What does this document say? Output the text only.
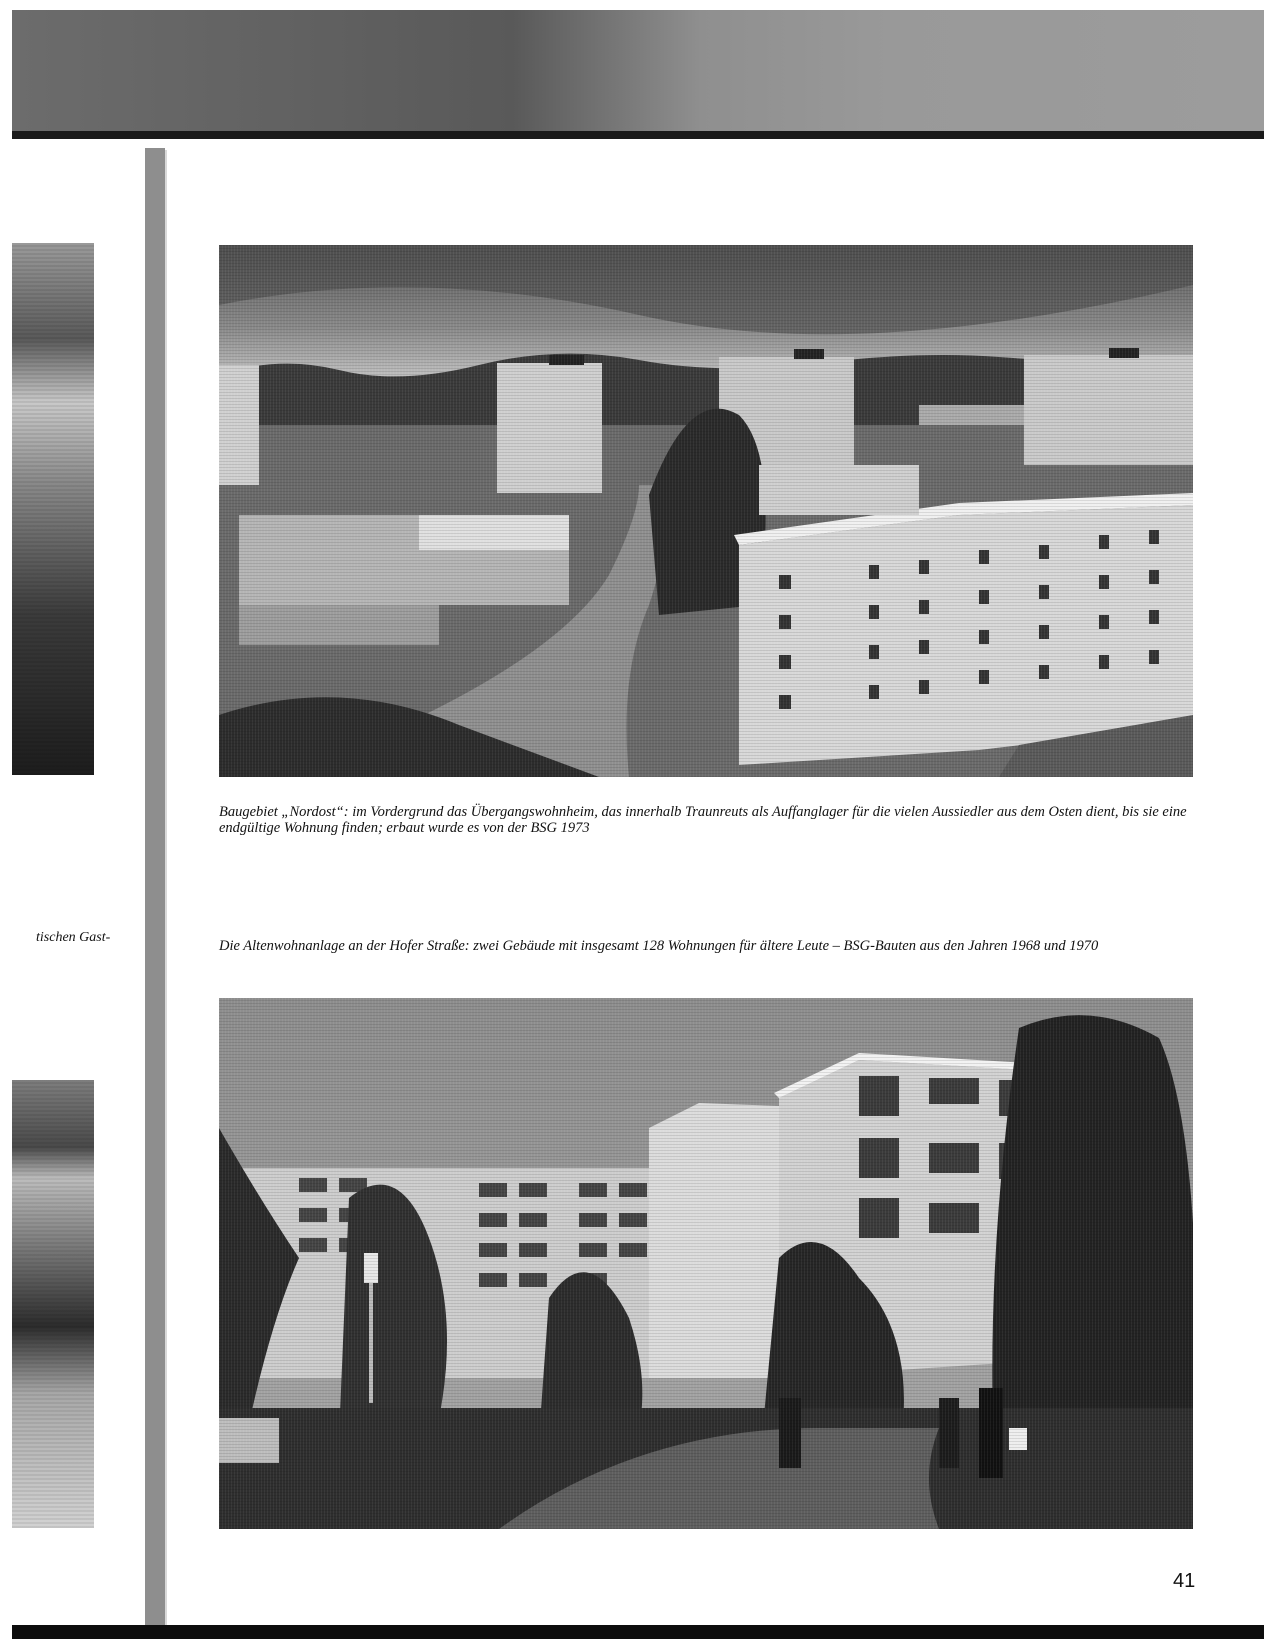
tischen Gast-
Baugebiet „Nordost“: im Vordergrund das Übergangswohnheim, das innerhalb Traunreuts als Auffanglager für die vielen Aussiedler aus dem Osten dient, bis sie eine endgültige Wohnung finden; erbaut wurde es von der BSG 1973
Die Altenwohnanlage an der Hofer Straße: zwei Gebäude mit insgesamt 128 Wohnungen für ältere Leute – BSG-Bauten aus den Jahren 1968 und 1970
41
